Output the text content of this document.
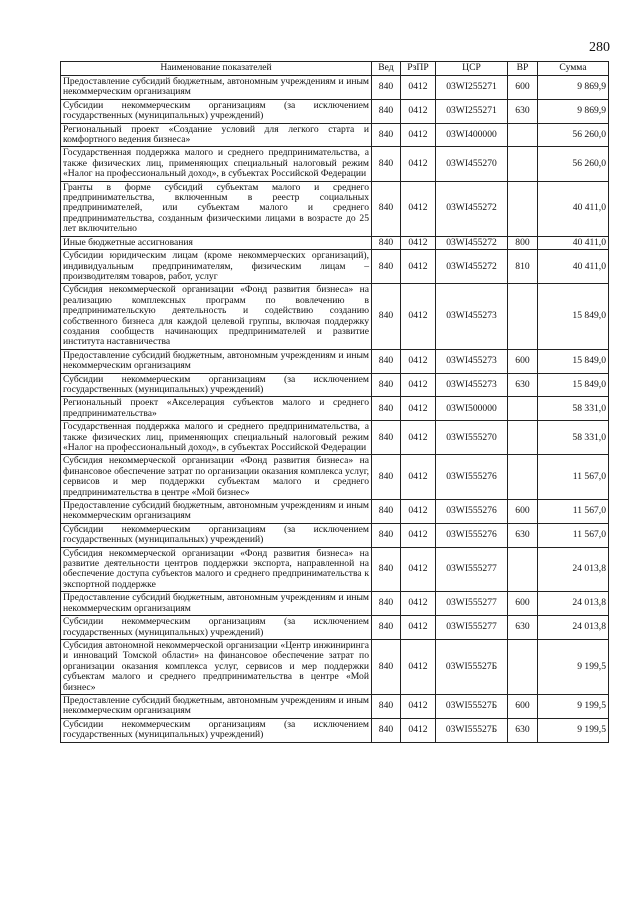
280
Наименование показателей	Вед	РзПР	ЦСР	ВР	Сумма
Предоставление субсидий бюджетным, автономным учреждениям и иным некоммерческим организациям	840	0412	03WI255271	600	9 869,9
Субсидии некоммерческим организациям (за исключением государственных (муниципальных) учреждений)	840	0412	03WI255271	630	9 869,9
Региональный проект «Создание условий для легкого старта и комфортного ведения бизнеса»	840	0412	03WI400000		56 260,0
Государственная поддержка малого и среднего предпринимательства, а также физических лиц, применяющих специальный налоговый режим «Налог на профессиональный доход», в субъектах Российской Федерации	840	0412	03WI455270		56 260,0
Гранты в форме субсидий субъектам малого и среднего предпринимательства, включенным в реестр социальных предпринимателей, или субъектам малого и среднего предпринимательства, созданным физическими лицами в возрасте до 25 лет включительно	840	0412	03WI455272		40 411,0
Иные бюджетные ассигнования	840	0412	03WI455272	800	40 411,0
Субсидии юридическим лицам (кроме некоммерческих организаций), индивидуальным предпринимателям, физическим лицам – производителям товаров, работ, услуг	840	0412	03WI455272	810	40 411,0
Субсидия некоммерческой организации «Фонд развития бизнеса» на реализацию комплексных программ по вовлечению в предпринимательскую деятельность и содействию созданию собственного бизнеса для каждой целевой группы, включая поддержку создания сообществ начинающих предпринимателей и развитие института наставничества	840	0412	03WI455273		15 849,0
Предоставление субсидий бюджетным, автономным учреждениям и иным некоммерческим организациям	840	0412	03WI455273	600	15 849,0
Субсидии некоммерческим организациям (за исключением государственных (муниципальных) учреждений)	840	0412	03WI455273	630	15 849,0
Региональный проект «Акселерация субъектов малого и среднего предпринимательства»	840	0412	03WI500000		58 331,0
Государственная поддержка малого и среднего предпринимательства, а также физических лиц, применяющих специальный налоговый режим «Налог на профессиональный доход», в субъектах Российской Федерации	840	0412	03WI555270		58 331,0
Субсидия некоммерческой организации «Фонд развития бизнеса» на финансовое обеспечение затрат по организации оказания комплекса услуг, сервисов и мер поддержки субъектам малого и среднего предпринимательства в центре «Мой бизнес»	840	0412	03WI555276		11 567,0
Предоставление субсидий бюджетным, автономным учреждениям и иным некоммерческим организациям	840	0412	03WI555276	600	11 567,0
Субсидии некоммерческим организациям (за исключением государственных (муниципальных) учреждений)	840	0412	03WI555276	630	11 567,0
Субсидия некоммерческой организации «Фонд развития бизнеса» на развитие деятельности центров поддержки экспорта, направленной на обеспечение доступа субъектов малого и среднего предпринимательства к экспортной поддержке	840	0412	03WI555277		24 013,8
Предоставление субсидий бюджетным, автономным учреждениям и иным некоммерческим организациям	840	0412	03WI555277	600	24 013,8
Субсидии некоммерческим организациям (за исключением государственных (муниципальных) учреждений)	840	0412	03WI555277	630	24 013,8
Субсидия автономной некоммерческой организации «Центр инжиниринга и инноваций Томской области» на финансовое обеспечение затрат по организации оказания комплекса услуг, сервисов и мер поддержки субъектам малого и среднего предпринимательства в центре «Мой бизнес»	840	0412	03WI55527Б		9 199,5
Предоставление субсидий бюджетным, автономным учреждениям и иным некоммерческим организациям	840	0412	03WI55527Б	600	9 199,5
Субсидии некоммерческим организациям (за исключением государственных (муниципальных) учреждений)	840	0412	03WI55527Б	630	9 199,5
